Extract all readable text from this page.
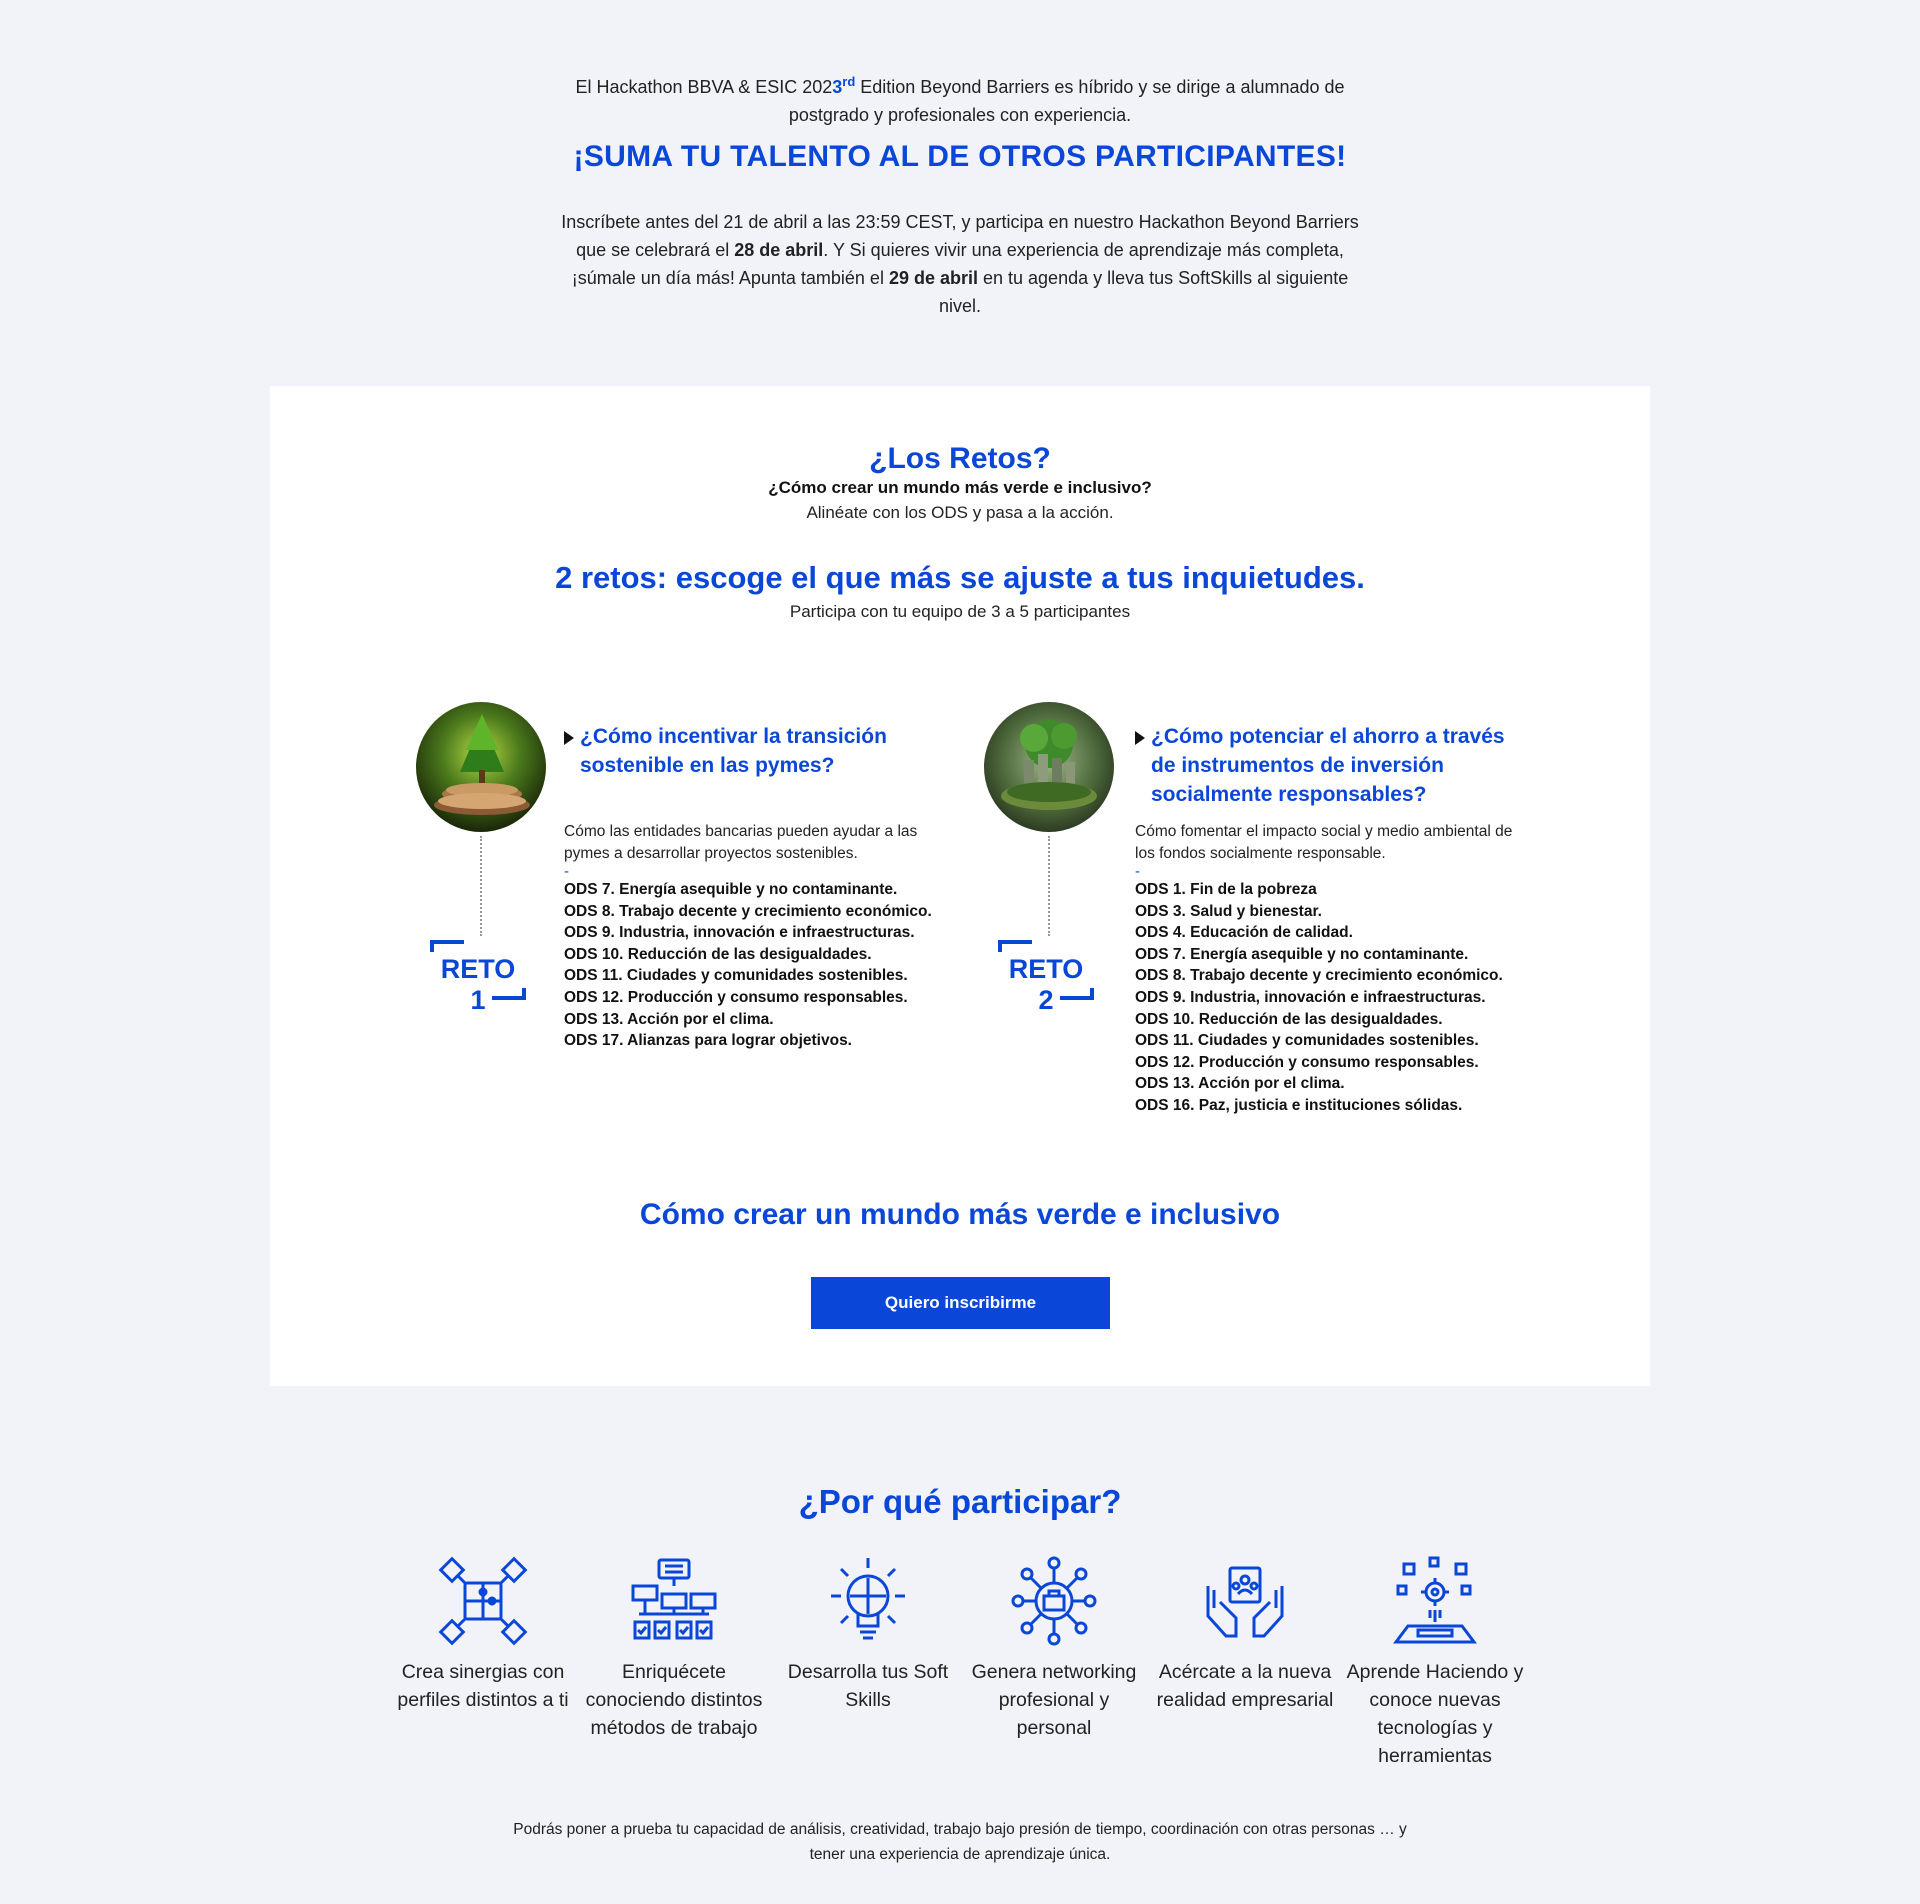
El Hackathon BBVA & ESIC 2023rd Edition Beyond Barriers es híbrido y se dirige a alumnado de postgrado y profesionales con experiencia.
¡SUMA TU TALENTO AL DE OTROS PARTICIPANTES!
Inscríbete antes del 21 de abril a las 23:59 CEST, y participa en nuestro Hackathon Beyond Barriers que se celebrará el 28 de abril. Y Si quieres vivir una experiencia de aprendizaje más completa, ¡súmale un día más! Apunta también el 29 de abril en tu agenda y lleva tus SoftSkills al siguiente nivel.
¿Los Retos?
¿Cómo crear un mundo más verde e inclusivo?
Alinéate con los ODS y pasa a la acción.
2 retos: escoge el que más se ajuste a tus inquietudes.
Participa con tu equipo de 3 a 5 participantes
RETO 1
¿Cómo incentivar la transición sostenible en las pymes?
Cómo las entidades bancarias pueden ayudar a las pymes a desarrollar proyectos sostenibles.
-
ODS 7. Energía asequible y no contaminante.
ODS 8. Trabajo decente y crecimiento económico.
ODS 9. Industria, innovación e infraestructuras.
ODS 10. Reducción de las desigualdades.
ODS 11. Ciudades y comunidades sostenibles.
ODS 12. Producción y consumo responsables.
ODS 13. Acción por el clima.
ODS 17. Alianzas para lograr objetivos.
RETO 2
¿Cómo potenciar el ahorro a través de instrumentos de inversión socialmente responsables?
Cómo fomentar el impacto social y medio ambiental de los fondos socialmente responsable.
-
ODS 1. Fin de la pobreza
ODS 3. Salud y bienestar.
ODS 4. Educación de calidad.
ODS 7. Energía asequible y no contaminante.
ODS 8. Trabajo decente y crecimiento económico.
ODS 9. Industria, innovación e infraestructuras.
ODS 10. Reducción de las desigualdades.
ODS 11. Ciudades y comunidades sostenibles.
ODS 12. Producción y consumo responsables.
ODS 13. Acción por el clima.
ODS 16. Paz, justicia e instituciones sólidas.
Cómo crear un mundo más verde e inclusivo
Quiero inscribirme
¿Por qué participar?
Crea sinergias con perfiles distintos a ti
Enriquécete conociendo distintos métodos de trabajo
Desarrolla tus Soft Skills
Genera networking profesional y personal
Acércate a la nueva realidad empresarial
Aprende Haciendo y conoce nuevas tecnologías y herramientas
Podrás poner a prueba tu capacidad de análisis, creatividad, trabajo bajo presión de tiempo, coordinación con otras personas … y tener una experiencia de aprendizaje única.
